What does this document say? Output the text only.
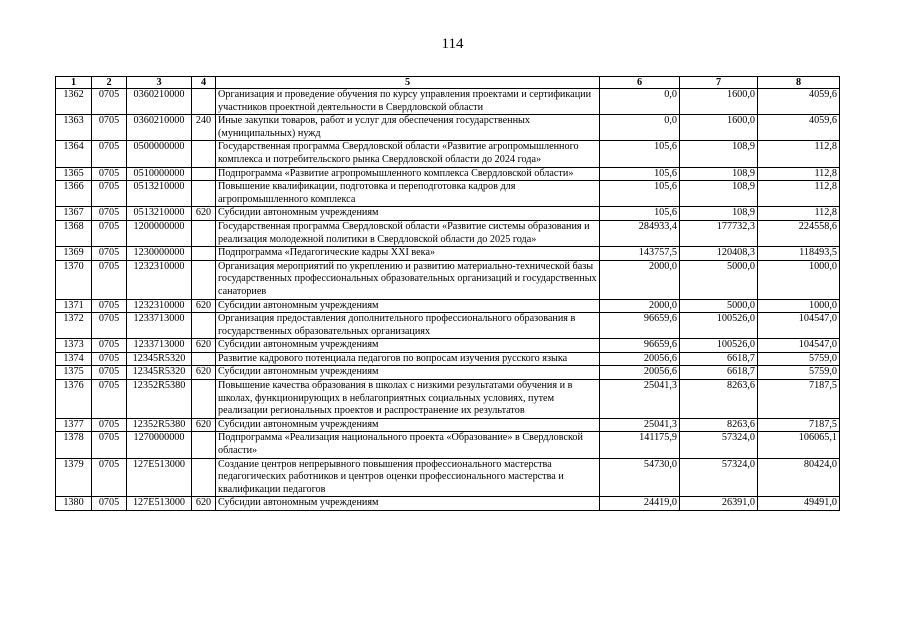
114
1	2	3	4	5	6	7	8
1362	0705	0360210000		Организация и проведение обучения по курсу управления проектами и сертификации участников проектной деятельности в Свердловской области	0,0	1600,0	4059,6
1363	0705	0360210000	240	Иные закупки товаров, работ и услуг для обеспечения государственных (муниципальных) нужд	0,0	1600,0	4059,6
1364	0705	0500000000		Государственная программа Свердловской области «Развитие агропромышленного комплекса и потребительского рынка Свердловской области до 2024 года»	105,6	108,9	112,8
1365	0705	0510000000		Подпрограмма «Развитие агропромышленного комплекса Свердловской области»	105,6	108,9	112,8
1366	0705	0513210000		Повышение квалификации, подготовка и переподготовка кадров для агропромышленного комплекса	105,6	108,9	112,8
1367	0705	0513210000	620	Субсидии автономным учреждениям	105,6	108,9	112,8
1368	0705	1200000000		Государственная программа Свердловской области «Развитие системы образования и реализация молодежной политики в Свердловской области до 2025 года»	284933,4	177732,3	224558,6
1369	0705	1230000000		Подпрограмма «Педагогические кадры XXI века»	143757,5	120408,3	118493,5
1370	0705	1232310000		Организация мероприятий по укреплению и развитию материально-технической базы государственных профессиональных образовательных организаций и государственных санаториев	2000,0	5000,0	1000,0
1371	0705	1232310000	620	Субсидии автономным учреждениям	2000,0	5000,0	1000,0
1372	0705	1233713000		Организация предоставления дополнительного профессионального образования в государственных образовательных организациях	96659,6	100526,0	104547,0
1373	0705	1233713000	620	Субсидии автономным учреждениям	96659,6	100526,0	104547,0
1374	0705	12345R5320		Развитие кадрового потенциала педагогов по вопросам изучения русского языка	20056,6	6618,7	5759,0
1375	0705	12345R5320	620	Субсидии автономным учреждениям	20056,6	6618,7	5759,0
1376	0705	12352R5380		Повышение качества образования в школах с низкими результатами обучения и в школах, функционирующих в неблагоприятных социальных условиях, путем реализации региональных проектов и распространение их результатов	25041,3	8263,6	7187,5
1377	0705	12352R5380	620	Субсидии автономным учреждениям	25041,3	8263,6	7187,5
1378	0705	1270000000		Подпрограмма «Реализация национального проекта «Образование» в Свердловской области»	141175,9	57324,0	106065,1
1379	0705	127E513000		Создание центров непрерывного повышения профессионального мастерства педагогических работников и центров оценки профессионального мастерства и квалификации педагогов	54730,0	57324,0	80424,0
1380	0705	127E513000	620	Субсидии автономным учреждениям	24419,0	26391,0	49491,0
